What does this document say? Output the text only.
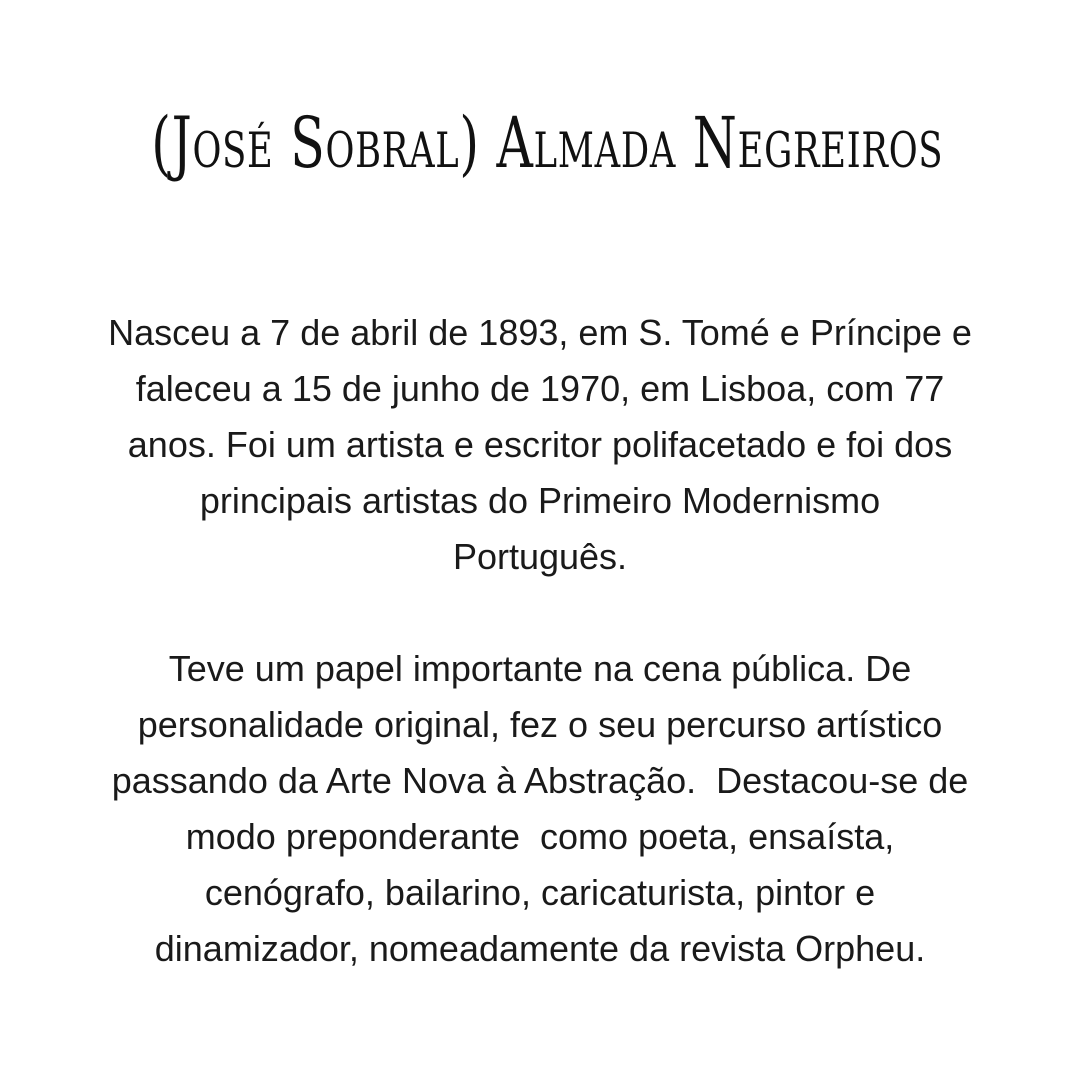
(José Sobral) Almada Negreiros

Nasceu a 7 de abril de 1893, em S. Tomé e Príncipe e
faleceu a 15 de junho de 1970, em Lisboa, com 77
anos. Foi um artista e escritor polifacetado e foi dos
principais artistas do Primeiro Modernismo
Português.

Teve um papel importante na cena pública. De
personalidade original, fez o seu percurso artístico
passando da Arte Nova à Abstração.  Destacou-se de
modo preponderante  como poeta, ensaísta,
cenógrafo, bailarino, caricaturista, pintor e
dinamizador, nomeadamente da revista Orpheu.
